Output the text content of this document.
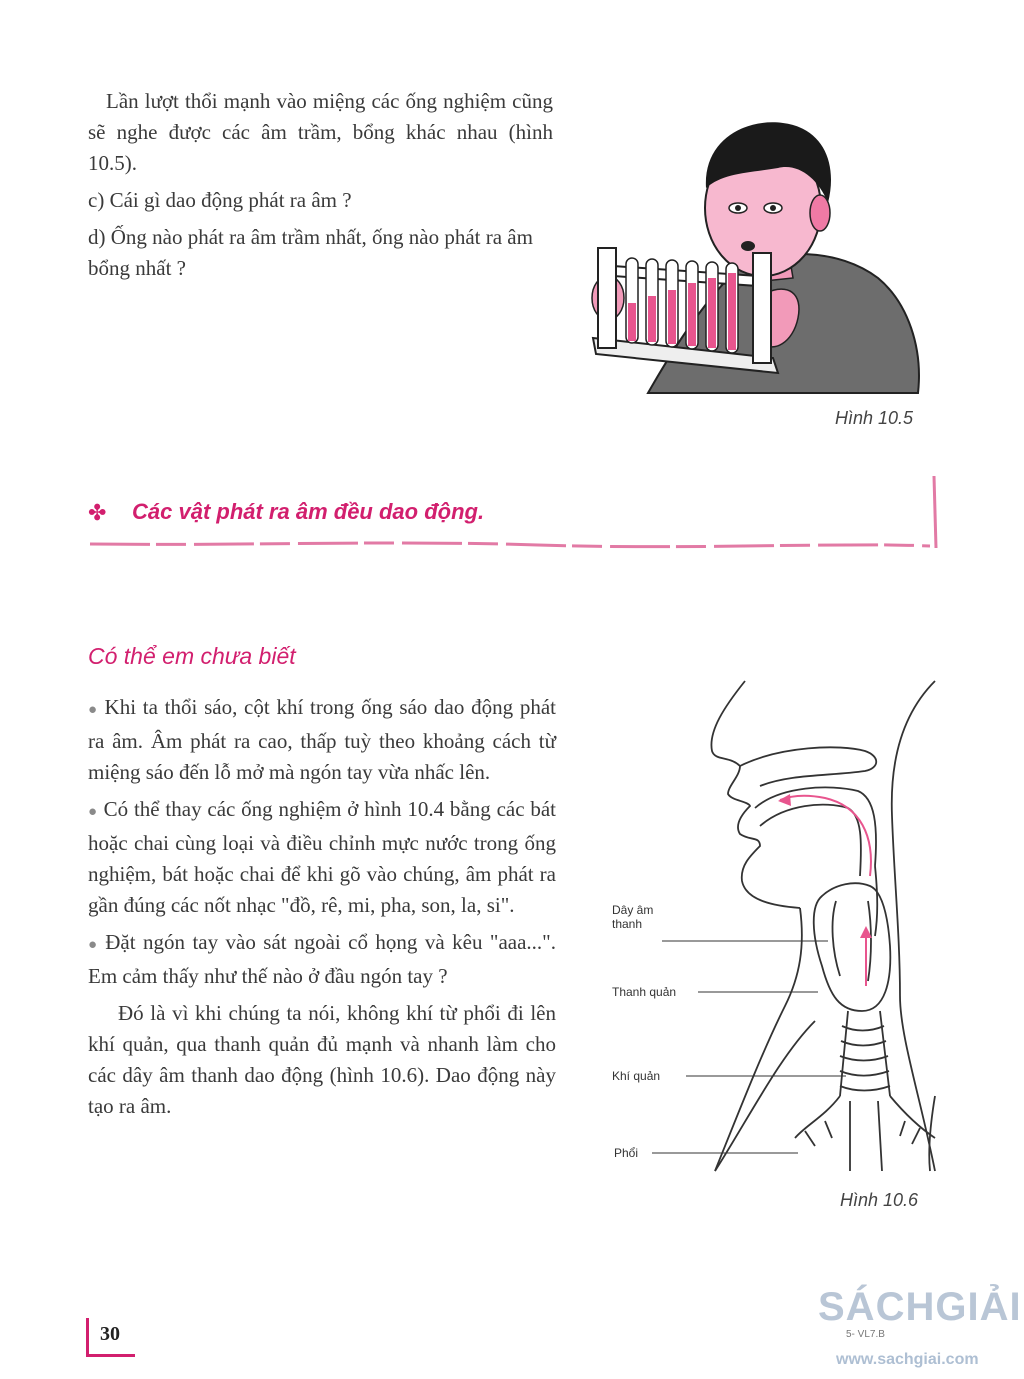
Lần lượt thổi mạnh vào miệng các ống nghiệm cũng sẽ nghe được các âm trầm, bổng khác nhau (hình 10.5).

c) Cái gì dao động phát ra âm ?

d) Ống nào phát ra âm trầm nhất, ống nào phát ra âm bổng nhất ?

Hình 10.5
✤ Các vật phát ra âm đều dao động.
Có thể em chưa biết

● Khi ta thổi sáo, cột khí trong ống sáo dao động phát ra âm. Âm phát ra cao, thấp tuỳ theo khoảng cách từ miệng sáo đến lỗ mở mà ngón tay vừa nhấc lên.

● Có thể thay các ống nghiệm ở hình 10.4 bằng các bát hoặc chai cùng loại và điều chỉnh mực nước trong ống nghiệm, bát hoặc chai để khi gõ vào chúng, âm phát ra gần đúng các nốt nhạc "đồ, rê, mi, pha, son, la, si".

● Đặt ngón tay vào sát ngoài cổ họng và kêu "aaa...". Em cảm thấy như thế nào ở đầu ngón tay ?

Đó là vì khi chúng ta nói, không khí từ phổi đi lên khí quản, qua thanh quản đủ mạnh và nhanh làm cho các dây âm thanh dao động (hình 10.6). Dao động này tạo ra âm.

Dây âm thanh
Thanh quản
Khí quản
Phổi
Hình 10.6
30	5- VL7.B
SÁCHGIẢI
www.sachgiai.com
